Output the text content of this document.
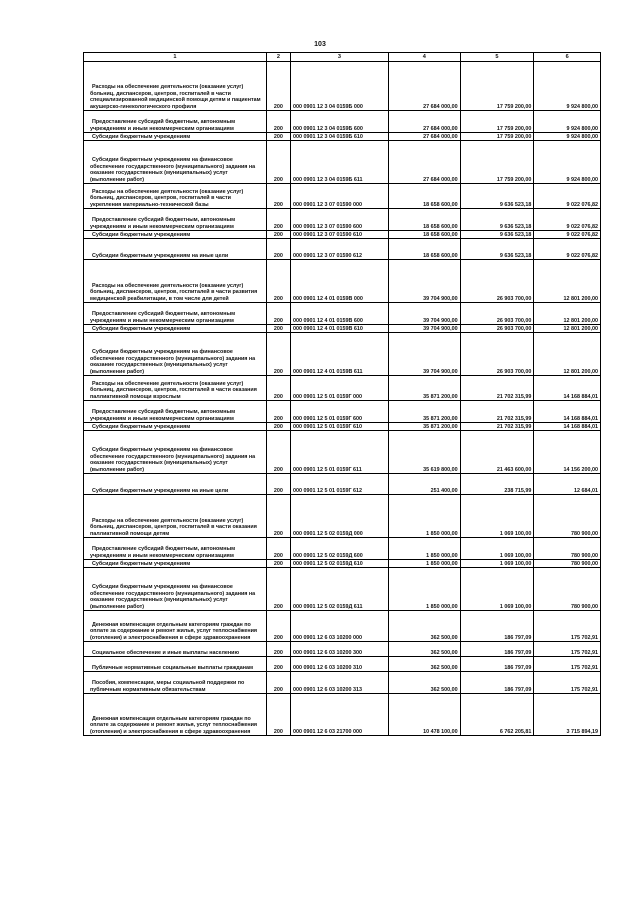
103
1	2	3	4	5	6

Расходы на обеспечение деятельности (оказание услуг) больниц, диспансеров, центров, госпиталей в части специализированной медицинской помощи детям и пациентам акушерско-гинекологического профиля	200	000 0901 12 3 04 0159Б 000	27 684 000,00	17 759 200,00	9 924 800,00

Предоставление субсидий бюджетным, автономным учреждениям и иным некоммерческим организациям	200	000 0901 12 3 04 0159Б 600	27 684 000,00	17 759 200,00	9 924 800,00

Субсидии бюджетным учреждениям	200	000 0901 12 3 04 0159Б 610	27 684 000,00	17 759 200,00	9 924 800,00

Субсидии бюджетным учреждениям на финансовое обеспечение государственного (муниципального) задания на оказание государственных (муниципальных) услуг (выполнение работ)	200	000 0901 12 3 04 0159Б 611	27 684 000,00	17 759 200,00	9 924 800,00

Расходы на обеспечение деятельности (оказание услуг) больниц, диспансеров, центров, госпиталей в части укрепления материально-технической базы	200	000 0901 12 3 07 01590 000	18 658 600,00	9 636 523,18	9 022 076,82

Предоставление субсидий бюджетным, автономным учреждениям и иным некоммерческим организациям	200	000 0901 12 3 07 01590 600	18 658 600,00	9 636 523,18	9 022 076,82

Субсидии бюджетным учреждениям	200	000 0901 12 3 07 01590 610	18 658 600,00	9 636 523,18	9 022 076,82

Субсидии бюджетным учреждениям на иные цели	200	000 0901 12 3 07 01590 612	18 658 600,00	9 636 523,18	9 022 076,82

Расходы на обеспечение деятельности (оказание услуг) больниц, диспансеров, центров, госпиталей в части развития медицинской реабилитации, в том числе для детей	200	000 0901 12 4 01 0159В 000	39 704 900,00	26 903 700,00	12 801 200,00

Предоставление субсидий бюджетным, автономным учреждениям и иным некоммерческим организациям	200	000 0901 12 4 01 0159В 600	39 704 900,00	26 903 700,00	12 801 200,00

Субсидии бюджетным учреждениям	200	000 0901 12 4 01 0159В 610	39 704 900,00	26 903 700,00	12 801 200,00

Субсидии бюджетным учреждениям на финансовое обеспечение государственного (муниципального) задания на оказание государственных (муниципальных) услуг (выполнение работ)	200	000 0901 12 4 01 0159В 611	39 704 900,00	26 903 700,00	12 801 200,00

Расходы на обеспечение деятельности (оказание услуг) больниц, диспансеров, центров, госпиталей в части оказания паллиативной помощи взрослым	200	000 0901 12 5 01 0159Г 000	35 871 200,00	21 702 315,99	14 168 884,01

Предоставление субсидий бюджетным, автономным учреждениям и иным некоммерческим организациям	200	000 0901 12 5 01 0159Г 600	35 871 200,00	21 702 315,99	14 168 884,01

Субсидии бюджетным учреждениям	200	000 0901 12 5 01 0159Г 610	35 871 200,00	21 702 315,99	14 168 884,01

Субсидии бюджетным учреждениям на финансовое обеспечение государственного (муниципального) задания на оказание государственных (муниципальных) услуг (выполнение работ)	200	000 0901 12 5 01 0159Г 611	35 619 800,00	21 463 600,00	14 156 200,00

Субсидии бюджетным учреждениям на иные цели	200	000 0901 12 5 01 0159Г 612	251 400,00	238 715,99	12 684,01

Расходы на обеспечение деятельности (оказание услуг) больниц, диспансеров, центров, госпиталей в части оказания паллиативной помощи детям	200	000 0901 12 5 02 0159Д 000	1 850 000,00	1 069 100,00	780 900,00

Предоставление субсидий бюджетным, автономным учреждениям и иным некоммерческим организациям	200	000 0901 12 5 02 0159Д 600	1 850 000,00	1 069 100,00	780 900,00

Субсидии бюджетным учреждениям	200	000 0901 12 5 02 0159Д 610	1 850 000,00	1 069 100,00	780 900,00

Субсидии бюджетным учреждениям на финансовое обеспечение государственного (муниципального) задания на оказание государственных (муниципальных) услуг (выполнение работ)	200	000 0901 12 5 02 0159Д 611	1 850 000,00	1 069 100,00	780 900,00

Денежная компенсация отдельным категориям граждан по оплате за содержание и ремонт жилья, услуг теплоснабжения (отопления) и электроснабжения в сфере здравоохранения	200	000 0901 12 6 03 10200 000	362 500,00	186 797,09	175 702,91

Социальное обеспечение и иные выплаты населению	200	000 0901 12 6 03 10200 300	362 500,00	186 797,09	175 702,91

Публичные нормативные социальные выплаты гражданам	200	000 0901 12 6 03 10200 310	362 500,00	186 797,09	175 702,91

Пособия, компенсации, меры социальной поддержки по публичным нормативным обязательствам	200	000 0901 12 6 03 10200 313	362 500,00	186 797,09	175 702,91

Денежная компенсация отдельным категориям граждан по оплате за содержание и ремонт жилья, услуг теплоснабжения (отопления) и электроснабжения в сфере здравоохранения	200	000 0901 12 6 03 21700 000	10 478 100,00	6 762 205,81	3 715 894,19
